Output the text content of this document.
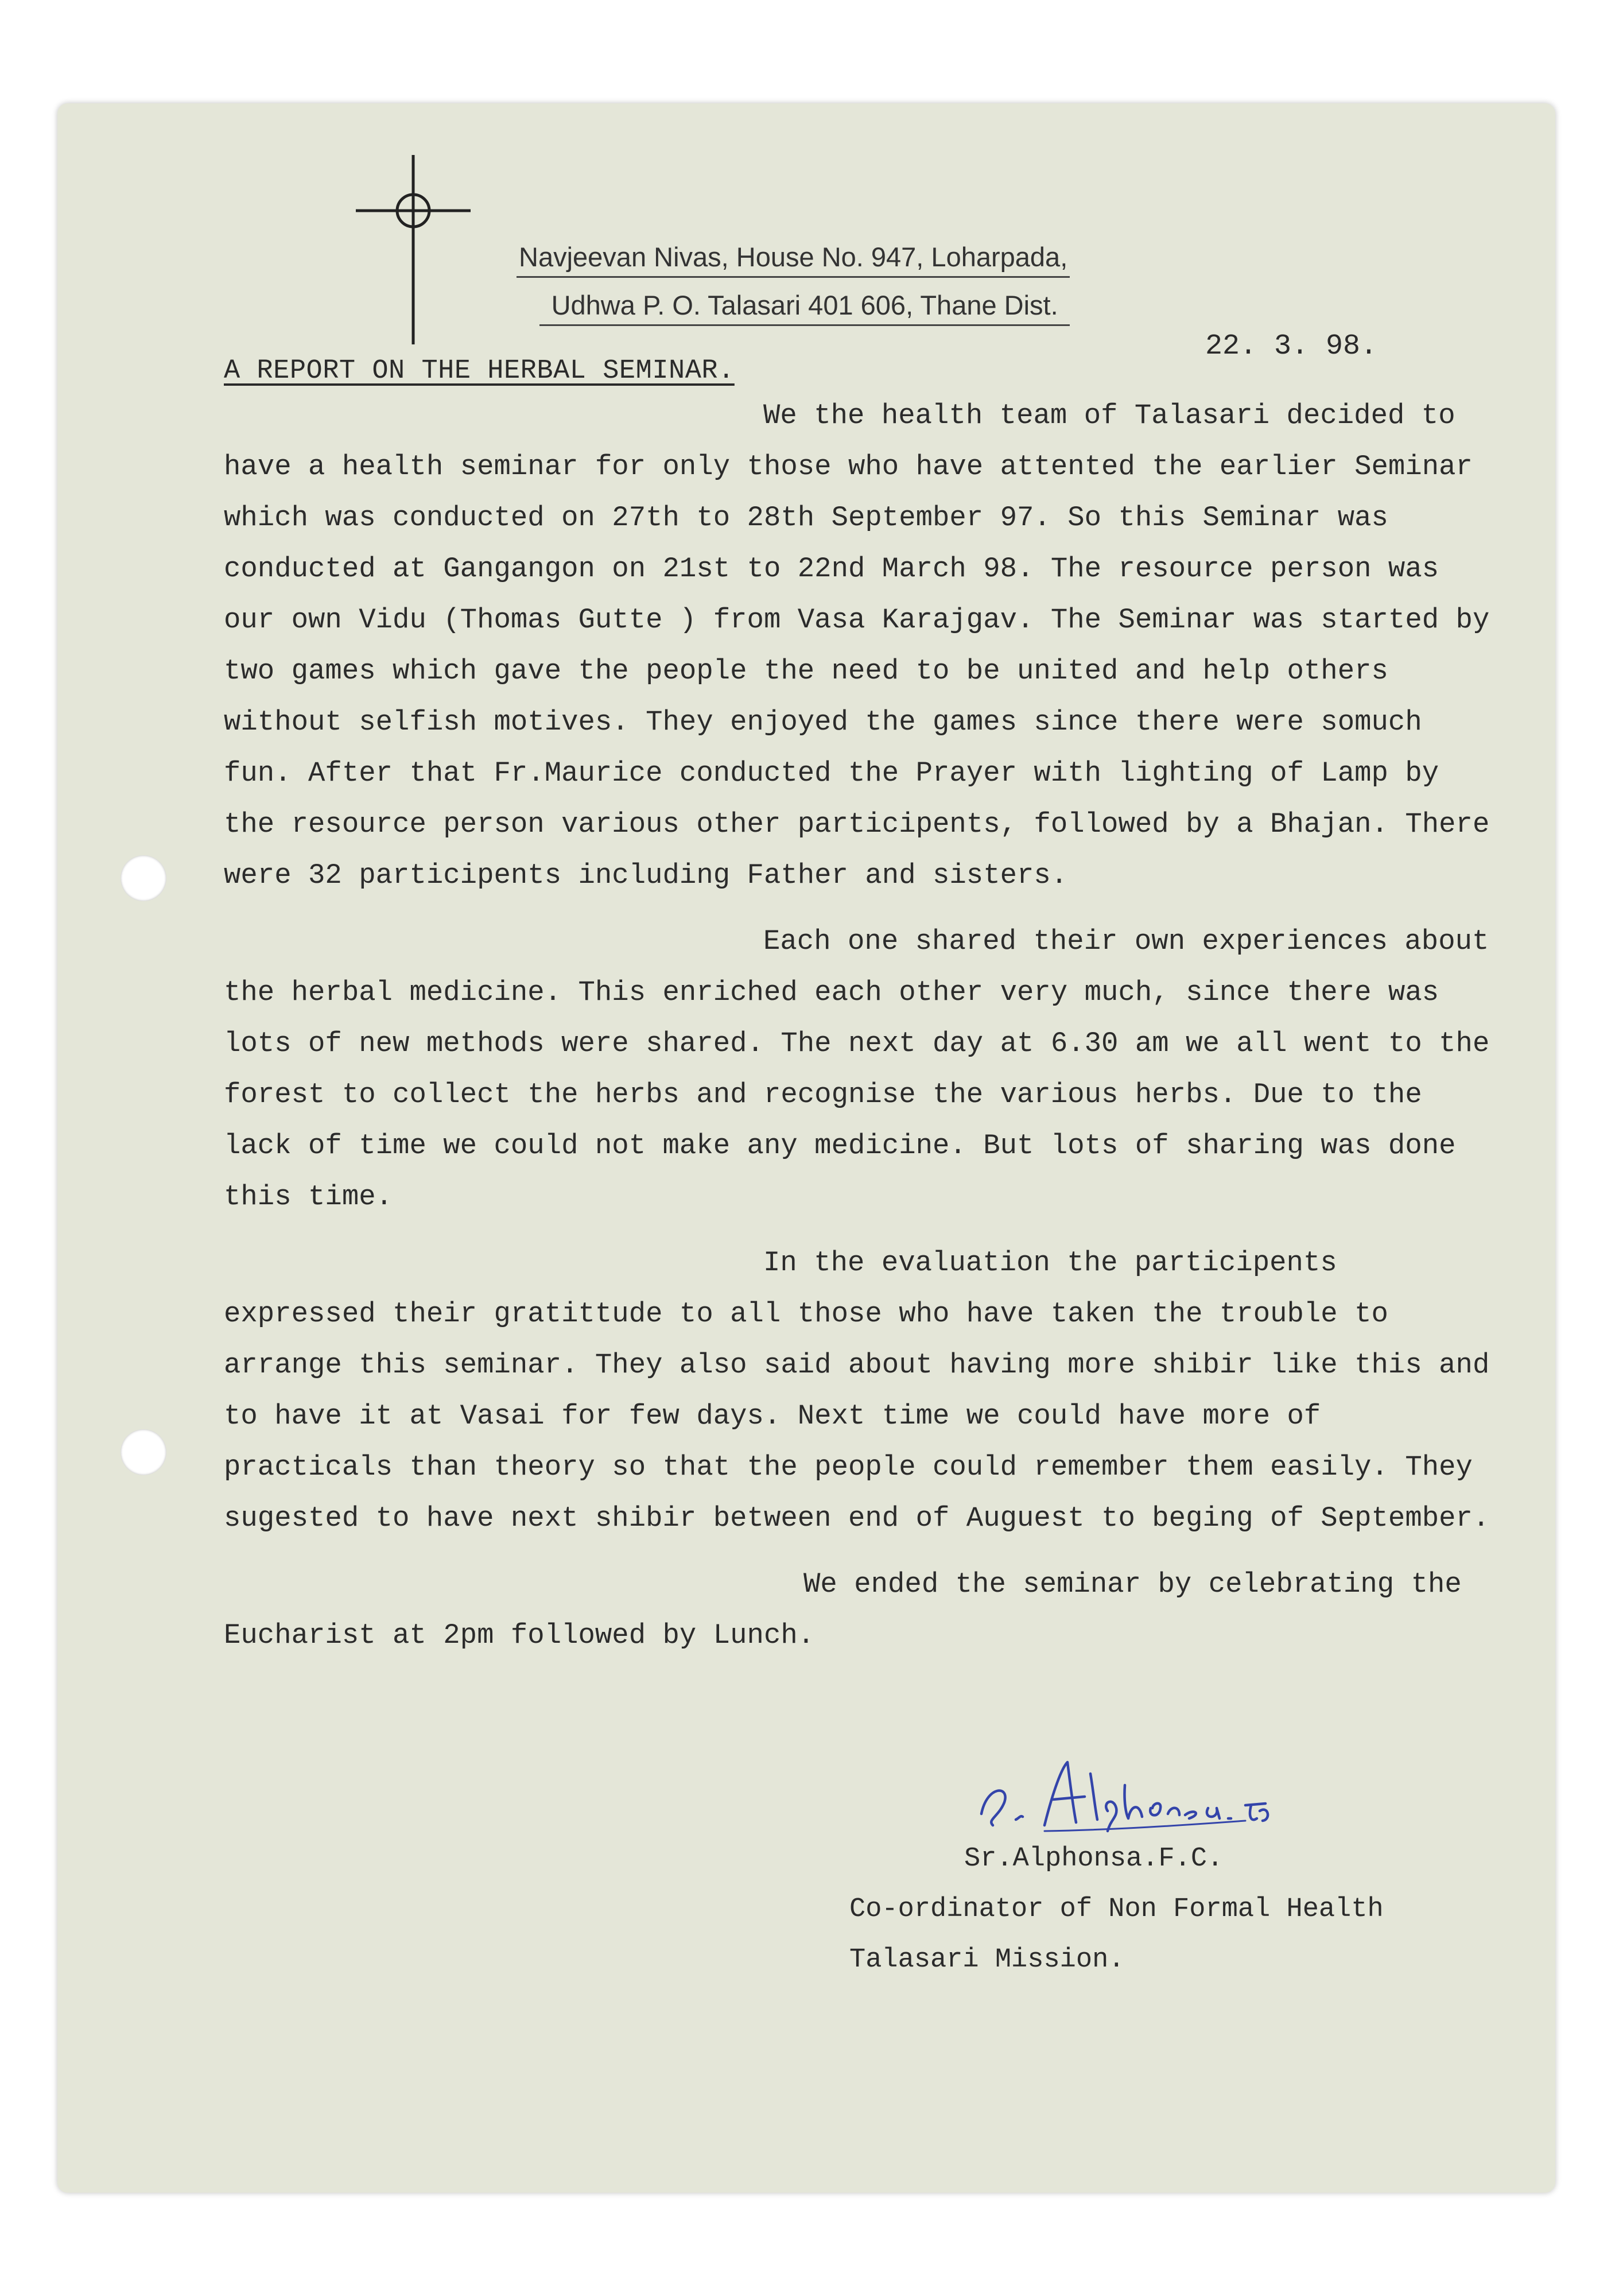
Navjeevan Nivas, House No. 947, Loharpada,
Udhwa P. O. Talasari 401 606, Thane Dist.
22. 3. 98.
A REPORT ON THE HERBAL SEMINAR.

We the health team of Talasari decided to have a health seminar for only those who have attented the earlier Seminar which was conducted on 27th to 28th September 97. So this Seminar was conducted at Gangangon on 21st to 22nd March 98. The resource person was our own Vidu (Thomas Gutte ) from Vasa Karajgav. The Seminar was started by two games which gave the people the need to be united and help others without selfish motives. They enjoyed the games since there were somuch fun. After that Fr.Maurice conducted the Prayer with lighting of Lamp by the resource person various other participents, followed by a Bhajan. There were 32 participents including Father and sisters.

Each one shared their own experiences about the herbal medicine. This enriched each other very much, since there was lots of new methods were shared. The next day at 6.30 am we all went to the forest to collect the herbs and recognise the various herbs. Due to the lack of time we could not make any medicine. But lots of sharing was done this time.

In the evaluation the participents expressed their gratittude to all those who have taken the trouble to arrange this seminar. They also said about having more shibir like this and to have it at Vasai for few days. Next time we could have more of practicals than theory so that the people could remember them easily. They sugested to have next shibir between end of Auguest to beging of September.

We ended the seminar by celebrating the Eucharist at 2pm followed by Lunch.

Sr.Alphonsa.F.C.
Co-ordinator of Non Formal Health
Talasari Mission.
